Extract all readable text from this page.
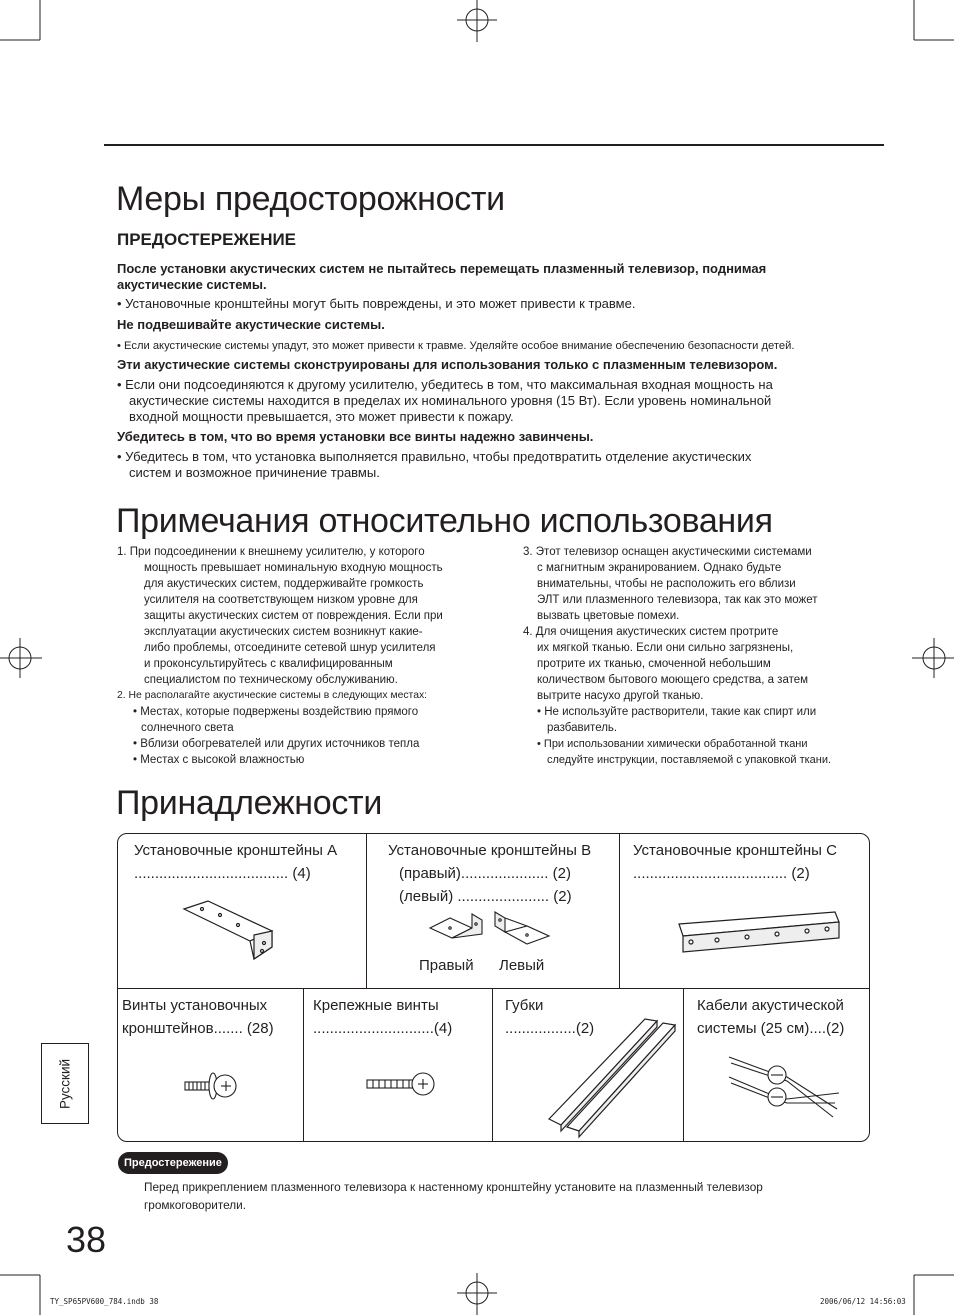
Меры предосторожности
ПРЕДОСТЕРЕЖЕНИЕ
После установки акустических систем не пытайтесь перемещать плазменный телевизор, поднимая
акустические системы.
• Установочные кронштейны могут быть повреждены, и это может привести к травме.
Не подвешивайте акустические системы.
• Если акустические системы упадут, это может привести к травме. Уделяйте особое внимание обеспечению безопасности детей.
Эти акустические системы сконструированы для использования только с плазменным телевизором.
• Если они подсоединяются к другому усилителю, убедитесь в том, что максимальная входная мощность на
акустические системы находится в пределах их номинального уровня (15 Вт). Если уровень номинальной
входной мощности превышается, это может привести к пожару.
Убедитесь в том, что во время установки все винты надежно завинчены.
• Убедитесь в том, что установка выполняется правильно, чтобы предотвратить отделение акустических
систем и возможное причинение травмы.
Примечания относительно использования
1. При подсоединении к внешнему усилителю, у которого
мощность превышает номинальную входную мощность
для акустических систем, поддерживайте громкость
усилителя на соответствующем низком уровне для
защиты акустических систем от повреждения. Если при
эксплуатации акустических систем возникнут какие-
либо проблемы, отсоедините сетевой шнур усилителя
и проконсультируйтесь с квалифицированным
специалистом по техническому обслуживанию.
2. Не располагайте акустические системы в следующих местах:
• Местах, которые подвержены воздействию прямого
солнечного света
• Вблизи обогревателей или других источников тепла
• Местах с высокой влажностью
3. Этот телевизор оснащен акустическими системами
с магнитным экранированием. Однако будьте
внимательны, чтобы не расположить его вблизи
ЭЛТ или плазменного телевизора, так как это может
вызвать цветовые помехи.
4. Для очищения акустических систем протрите
их мягкой тканью. Если они сильно загрязнены,
протрите их тканью, смоченной небольшим
количеством бытового моющего средства, а затем
вытрите насухо другой тканью.
• Не используйте растворители, такие как спирт или
разбавитель.
• При использовании химически обработанной ткани
следуйте инструкции, поставляемой с упаковкой ткани.
Принадлежности
Установочные кронштейны A
..................................... (4)
Установочные кронштейны B
(правый)..................... (2)
(левый) ...................... (2)
Правый Левый
Установочные кронштейны C
..................................... (2)
Винты установочных
кронштейнов....... (28)
Крепежные винты
.............................(4)
Губки
.................(2)
Кабели акустической
системы (25 см)....(2)
Предостережение
Перед прикреплением плазменного телевизора к настенному кронштейну установите на плазменный телевизор
громкоговорители.
Русский
38
TY_SP65PV600_784.indb 38	2006/06/12 14:56:03
